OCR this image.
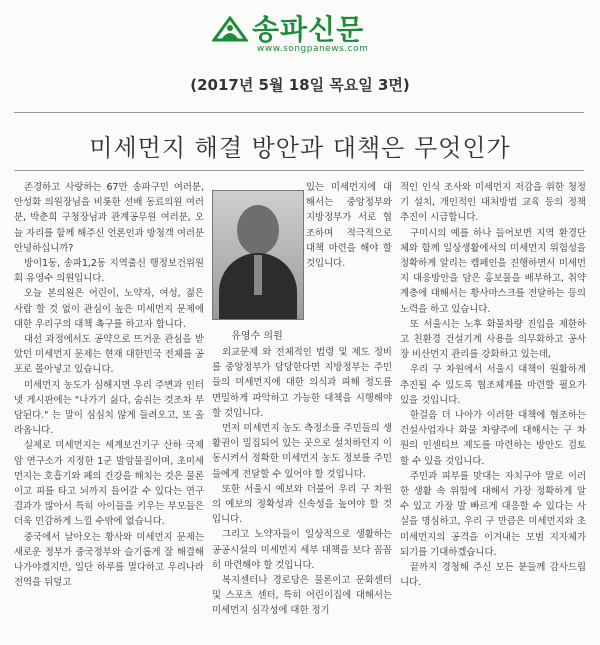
송파신문
www.songpanews.com
(2017년 5월 18일 목요일 3면)
미세먼지 해결 방안과 대책은 무엇인가

존경하고 사랑하는 67만 송파구민 여러분, 안성화 의원장님을 비롯한 선배 동료의원 여러분, 박춘희 구청장님과 관계공무원 여러분, 오늘 자리를 함께 해주신 언론인과 방청객 여러분 안녕하십니까?

방이1동, 송파1,2동 지역출신 행정보건위원회 유영수 의원입니다.

오늘 본의원은 어린이, 노약자, 여성, 젊은 사람 할 것 없이 관심이 높은 미세먼지 문제에 대한 우리구의 대책 촉구를 하고자 합니다.

대선 과정에서도 공약으로 뜨거운 관심을 받았던 미세먼지 문제는 현재 대한민국 전체를 공포로 몰아넣고 있습니다.

미세먼지 농도가 심해지면 우리 주변과 인터넷 게시판에는 "나가기 싫다, 숨쉬는 것조차 부담된다." 는 말이 심심치 않게 들려오고, 또 올라옵니다.

실제로 미세먼지는 세계보건기구 산하 국제 암 연구소가 지정한 1군 발암물질이며, 초미세먼지는 호흡기와 폐의 건강을 해치는 것은 물론이고 피를 타고 뇌까지 들어갈 수 있다는 연구 결과가 많아서 특히 아이들을 키우는 부모들은 더욱 민감하게 느낄 수밖에 없습니다.

중국에서 날아오는 황사와 미세먼지 문제는 새로운 정부가 중국정부와 슬기롭게 잘 해결해 나가야겠지만, 일단 하루를 멀다하고 우리나라 전역을 뒤덮고

유영수 의원

있는 미세먼지에 대해서는 중앙정부와 지방정부가 서로 협조하며 적극적으로 대책 마련을 해야 할 것입니다.

외교문제 와 전체적인 법령 및 제도 정비를 중앙정부가 담당한다면 지방정부는 주민들의 미세먼지에 대한 의식과 피해 정도를 면밀하게 파악하고 가능한 대책을 시행해야 할 것입니다.

먼저 미세먼지 농도 측정소를 주민들의 생활권이 밀집되어 있는 곳으로 설치하던지 이동시켜서 정확한 미세먼지 농도 정보를 주민들에게 전달할 수 있어야 할 것입니다.

또한 서울시 예보와 더불어 우리 구 차원의 예보의 정확성과 신속성을 높여야 할 것입니다.

그리고 노약자들이 일상적으로 생활하는 공공시설의 미세먼지 세부 대책을 보다 꼼꼼히 마련해야 할 것입니다.

복지센터나 경로당은 물론이고 문화센터 및 스포츠 센터, 특히 어린이집에 대해서는 미세먼지 심각성에 대한 정기

적인 인식 조사와 미세먼지 저감을 위한 청정기 설치, 개인적인 대처방법 교육 등의 정책 추진이 시급합니다.

구미시의 예를 하나 들어보면 지역 환경단체와 함께 일상생활에서의 미세먼지 위험성을 정확하게 알리는 캠페인을 진행하면서 미세먼지 대응방안을 담은 홍보물을 배부하고, 취약계층에 대해서는 황사마스크를 전달하는 등의 노력을 하고 있습니다.

또 서울시는 노후 화물차량 진입을 제한하고 친환경 건설기계 사용을 의무화하고 공사장 비산먼지 관리를 강화하고 있는데,

우리 구 차원에서 서울시 대책이 원활하게 추진될 수 있도록 협조체계를 마련할 필요가 있을 것입니다.

한걸음 더 나아가 이러한 대책에 협조하는 건설사업자나 화물 차량주에 대해서는 구 차원의 인센티브 제도를 마련하는 방안도 검토할 수 있을 것입니다.

주민과 피부를 맞대는 자치구야 말로 이러한 생활 속 위험에 대해서 가장 정확하게 알 수 있고 가장 발 빠르게 대응할 수 있다는 사실을 명심하고, 우리 구 만큼은 미세먼지와 초미세먼지의 공격을 이겨내는 모범 지자체가 되기를 기대하겠습니다.

끝까지 경청해 주신 모든 분들께 감사드립니다.
